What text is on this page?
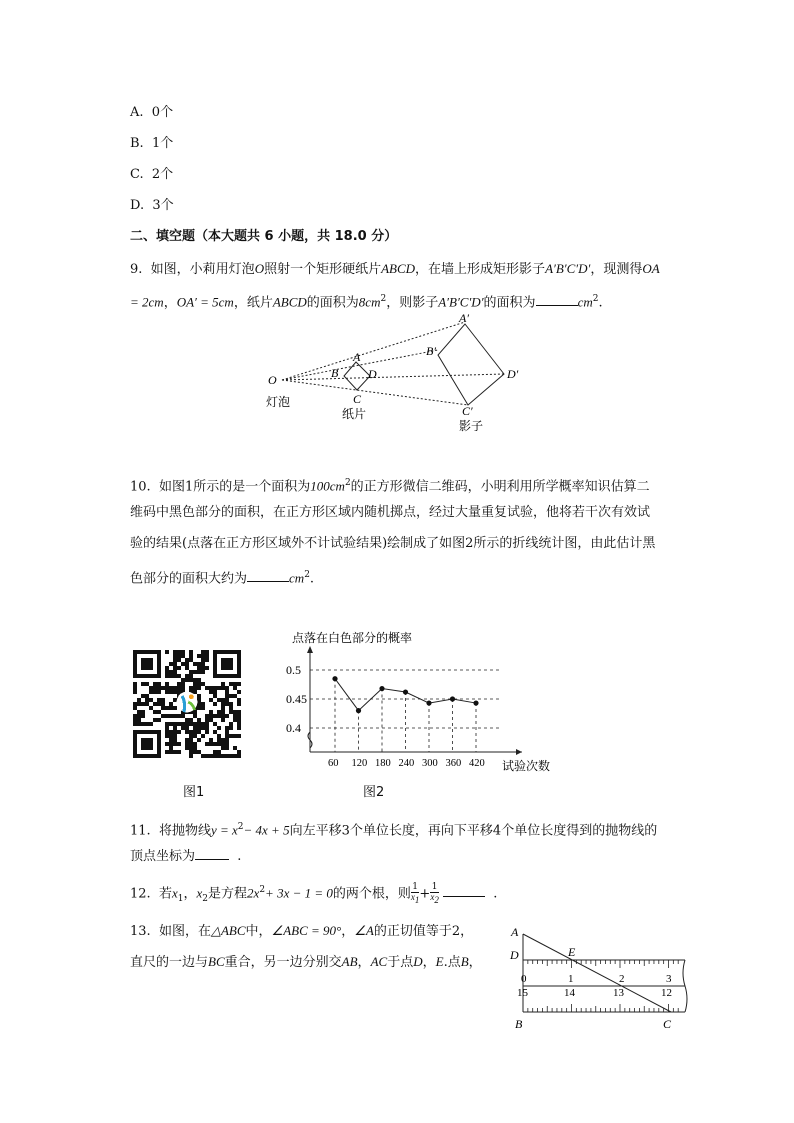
A. 0个
B. 1个
C. 2个
D. 3个
二、填空题（本大题共 6 小题，共 18.0 分）
9. 如图，小莉用灯泡O照射一个矩形硬纸片ABCD，在墙上形成矩形影子A′B′C′D′，现测得OA
= 2cm，OA′ = 5cm，纸片ABCD的面积为$8cm^2$，则影子A′B′C′D′的面积为	$cm^2$.
O
A
B D
C
A′
B′
D′
C′
灯泡
纸片
影子
10. 如图1所示的是一个面积为$100cm^2$的正方形微信二维码，小明利用所学概率知识估算二
维码中黑色部分的面积，在正方形区域内随机掷点，经过大量重复试验，他将若干次有效试
验的结果(点落在正方形区域外不计试验结果)绘制成了如图2所示的折线统计图，由此估计黑
色部分的面积大约为	$cm^2$.
图1
点落在白色部分的概率
试验次数
0.4
0.45
0.5
60 120 180 240 300 360 420
图2
11. 将抛物线$y = x^2- 4x + 5$向左平移3个单位长度，再向下平移4个单位长度得到的抛物线的
顶点坐标为	.
12. 若$x_1$，$x_2$是方程$2x^2+ 3x - 1 = 0$的两个根，则 $\frac{1}{x_1} + \frac{1}{x_2}$	.
13. 如图，在△ABC中，∠ABC = 90°，∠A的正切值等于2，
直尺的一边与BC重合，另一边分别交AB，AC于点D，E.点B，
A
D	E
B	C
0	1	2	3
15	14	13	12
